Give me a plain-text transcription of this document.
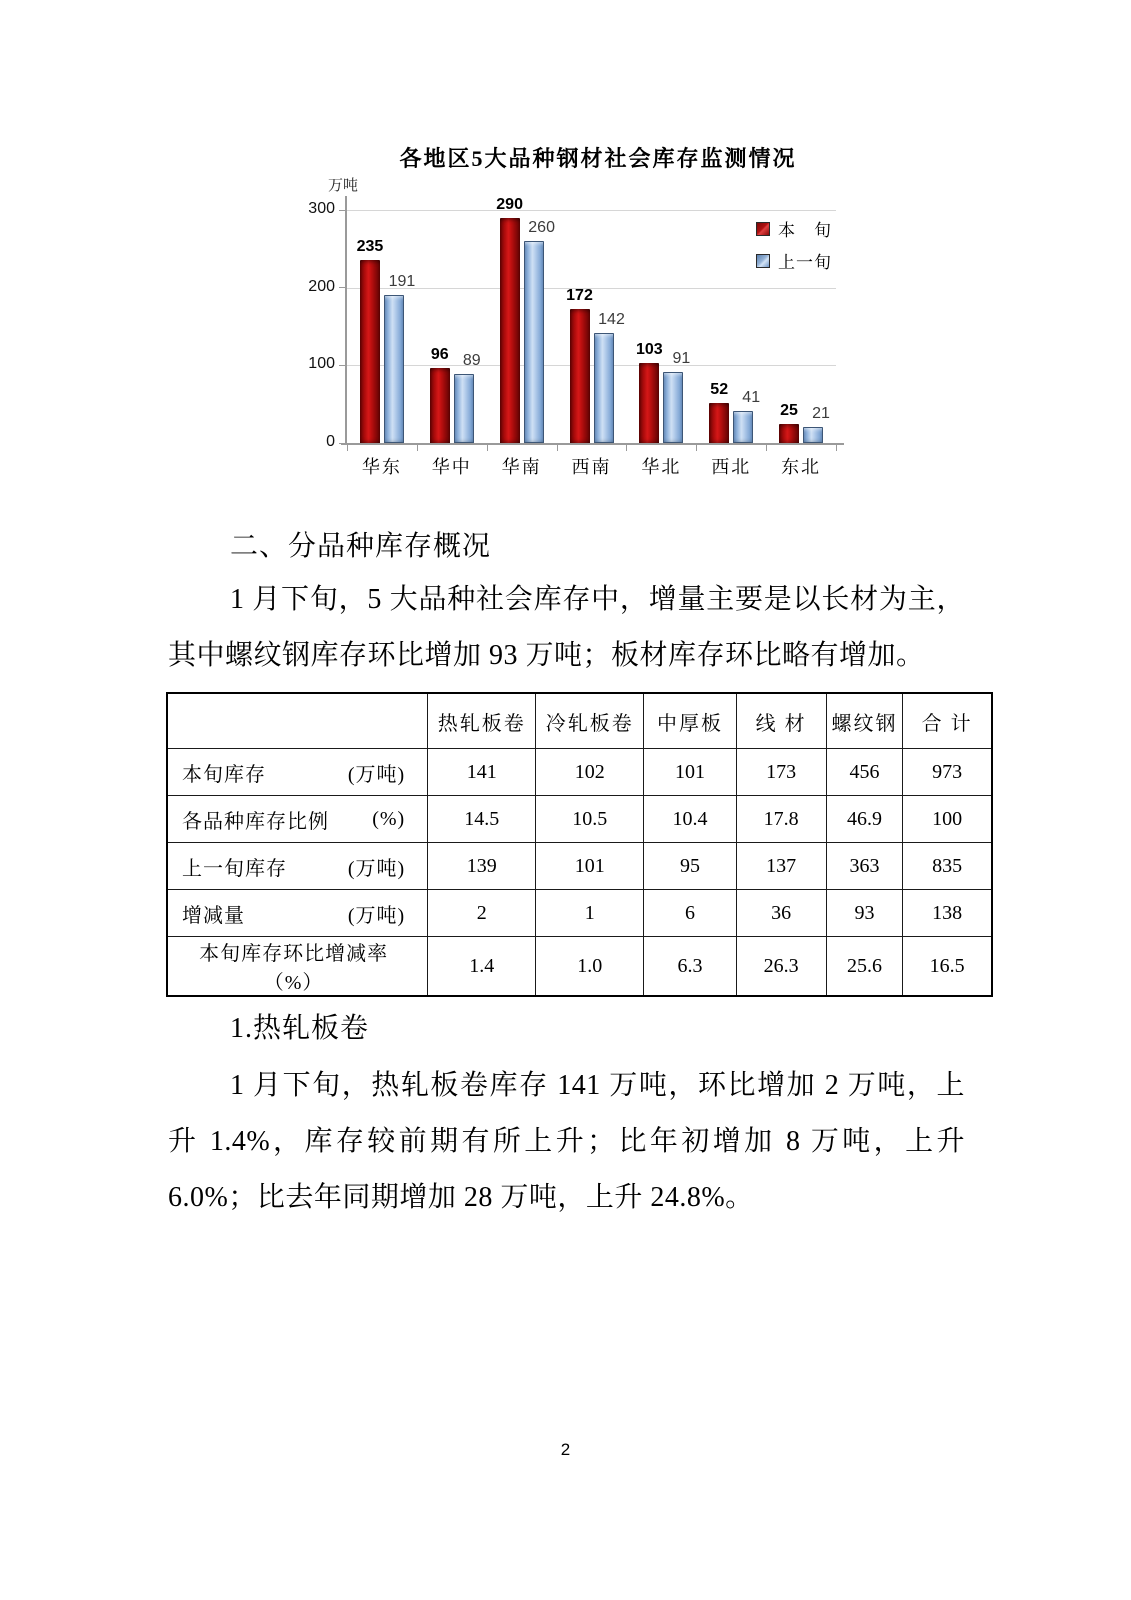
各地区5大品种钢材社会库存监测情况
万吨
本　旬
上一旬
0
100
200
300
华东
235
191
华中
96 89
华南
290
260
西南
172
142
华北
103
91
西北
52 41
东北
25 21
二、分品种库存概况
1 月下旬，5 大品种社会库存中，增量主要是以长材为主，其中螺纹钢库存环比增加 93 万吨；板材库存环比略有增加。
	热轧板卷	冷轧板卷	中厚板	线 材	螺纹钢	合 计

本旬库存 (万吨)	141	102	101	173	456	973

各品种库存比例 (%)	14.5	10.5	10.4	17.8	46.9	100

上一旬库存 (万吨)	139	101	95	137	363	835

增减量 (万吨)	2	1	6	36	93	138

本旬库存环比增减率（%）	1.4	1.0	6.3	26.3	25.6	16.5
1.热轧板卷
1 月下旬，热轧板卷库存 141 万吨，环比增加 2 万吨，上升 1.4%，库存较前期有所上升；比年初增加 8 万吨，上升 6.0%；比去年同期增加 28 万吨，上升 24.8%。
2
